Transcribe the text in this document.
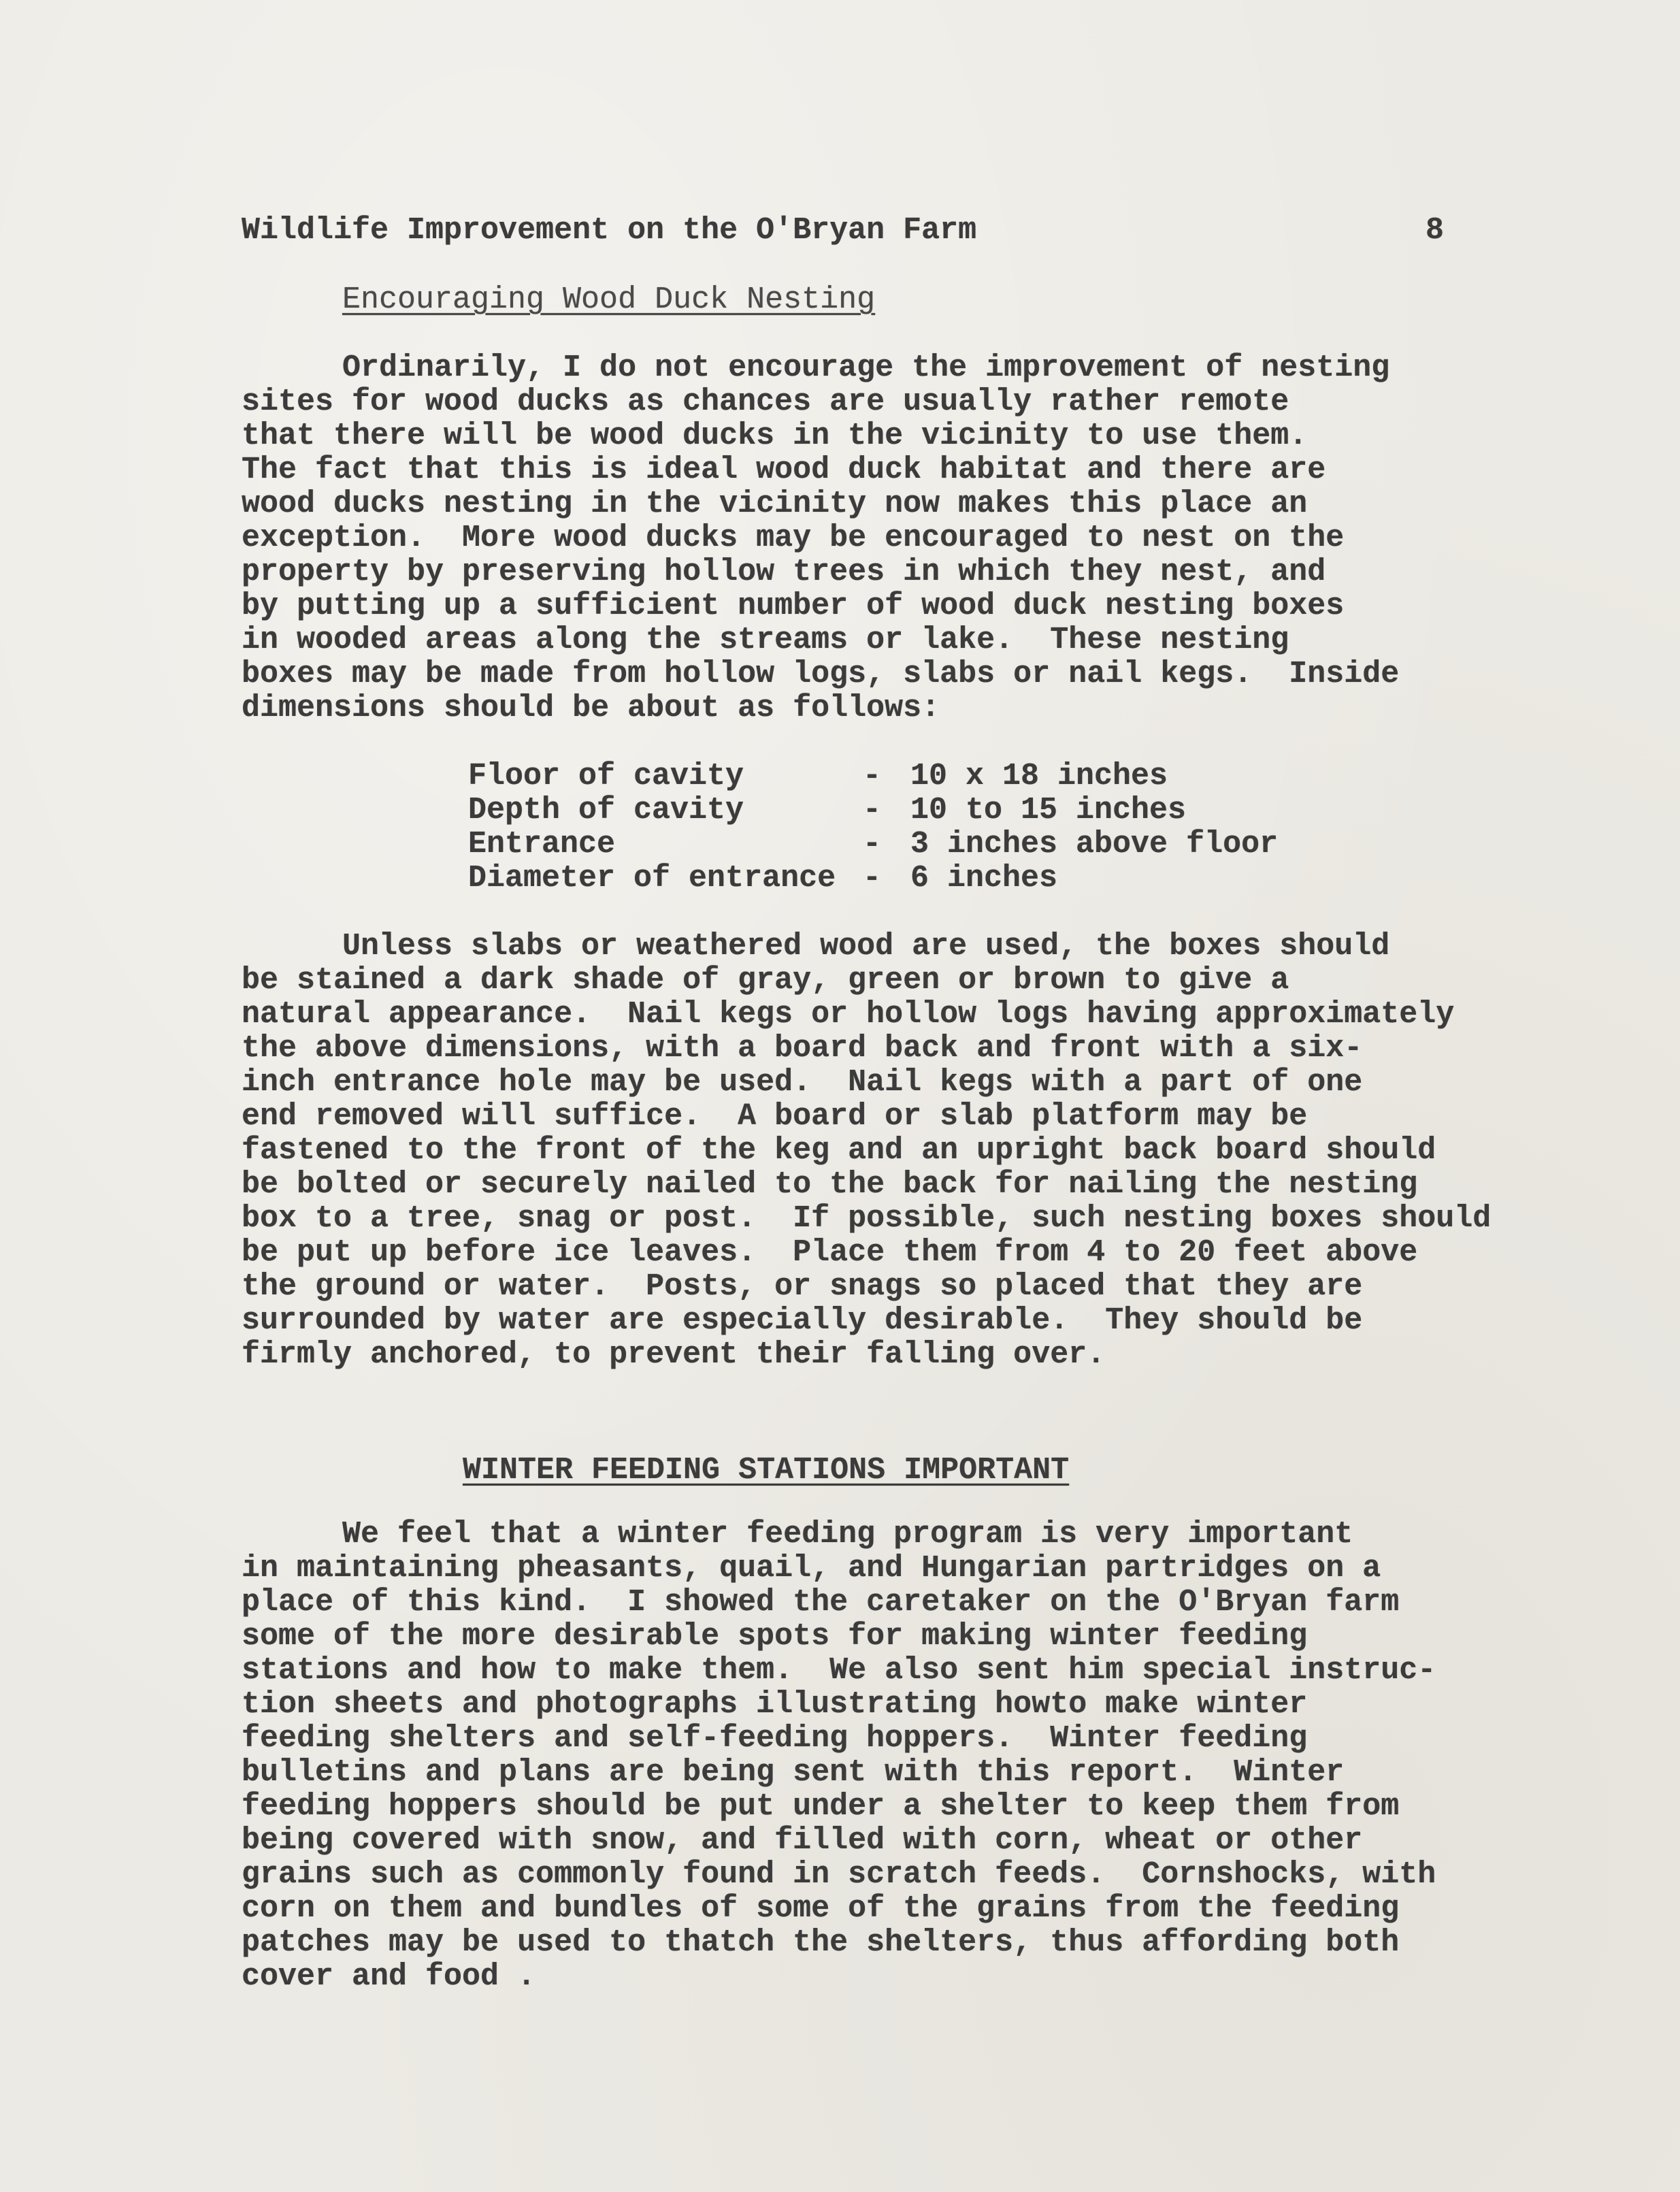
Wildlife Improvement on the O'Bryan Farm	8

Encouraging Wood Duck Nesting

Ordinarily, I do not encourage the improvement of nesting
sites for wood ducks as chances are usually rather remote
that there will be wood ducks in the vicinity to use them.
The fact that this is ideal wood duck habitat and there are
wood ducks nesting in the vicinity now makes this place an
exception.  More wood ducks may be encouraged to nest on the
property by preserving hollow trees in which they nest, and
by putting up a sufficient number of wood duck nesting boxes
in wooded areas along the streams or lake.  These nesting
boxes may be made from hollow logs, slabs or nail kegs.  Inside
dimensions should be about as follows:
Floor of cavity	- 10 x 18 inches
Depth of cavity	- 10 to 15 inches
Entrance	- 3 inches above floor
Diameter of entrance - 6 inches
Unless slabs or weathered wood are used, the boxes should
be stained a dark shade of gray, green or brown to give a
natural appearance.  Nail kegs or hollow logs having approximately
the above dimensions, with a board back and front with a six-
inch entrance hole may be used.  Nail kegs with a part of one
end removed will suffice.  A board or slab platform may be
fastened to the front of the keg and an upright back board should
be bolted or securely nailed to the back for nailing the nesting
box to a tree, snag or post.  If possible, such nesting boxes should
be put up before ice leaves.  Place them from 4 to 20 feet above
the ground or water.  Posts, or snags so placed that they are
surrounded by water are especially desirable.  They should be
firmly anchored, to prevent their falling over.

WINTER FEEDING STATIONS IMPORTANT

We feel that a winter feeding program is very important
in maintaining pheasants, quail, and Hungarian partridges on a
place of this kind.  I showed the caretaker on the O'Bryan farm
some of the more desirable spots for making winter feeding
stations and how to make them.  We also sent him special instruc-
tion sheets and photographs illustrating howto make winter
feeding shelters and self-feeding hoppers.  Winter feeding
bulletins and plans are being sent with this report.  Winter
feeding hoppers should be put under a shelter to keep them from
being covered with snow, and filled with corn, wheat or other
grains such as commonly found in scratch feeds.  Cornshocks, with
corn on them and bundles of some of the grains from the feeding
patches may be used to thatch the shelters, thus affording both
cover and food .
